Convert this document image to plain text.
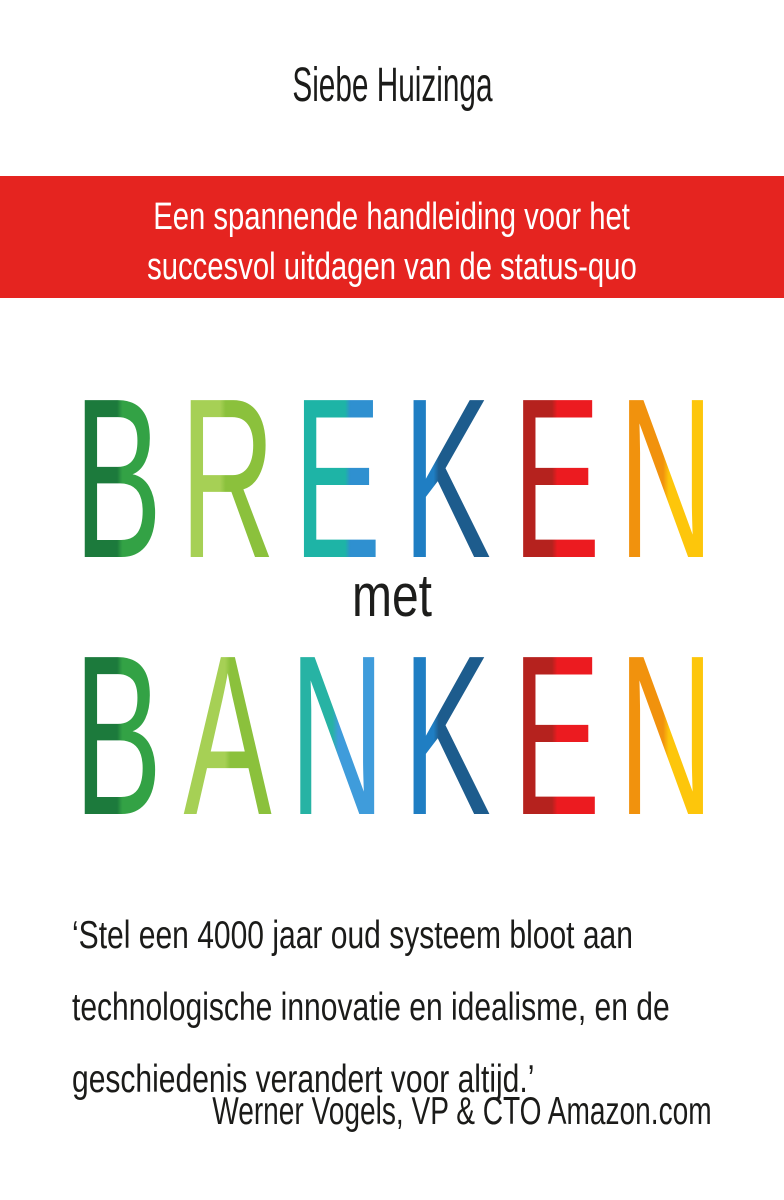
Siebe Huizinga
Een spannende handleiding voor het
succesvol uitdagen van de status-quo
B R E K E N
met
B A N K E N
‘Stel een 4000 jaar oud systeem bloot aan
technologische innovatie en idealisme, en de
geschiedenis verandert voor altijd.’
Werner Vogels, VP & CTO Amazon.com
